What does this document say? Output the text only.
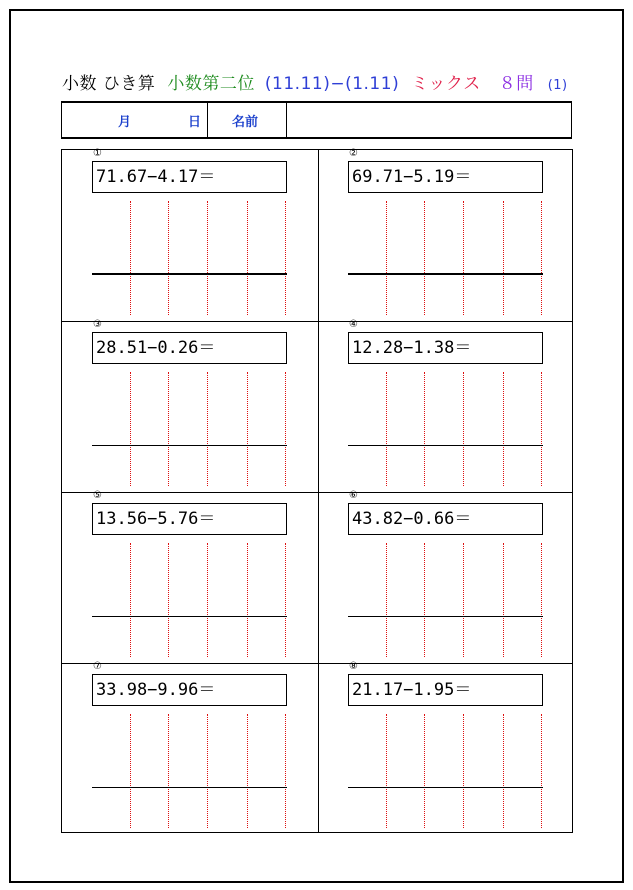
小数 ひき算 小数第二位 (11.11)−(1.11) ミックス ８問 (1)
月	日 名前
①
71.67−4.17＝
②
69.71−5.19＝
③
28.51−0.26＝
④
12.28−1.38＝
⑤
13.56−5.76＝
⑥
43.82−0.66＝
⑦
33.98−9.96＝
⑧
21.17−1.95＝
